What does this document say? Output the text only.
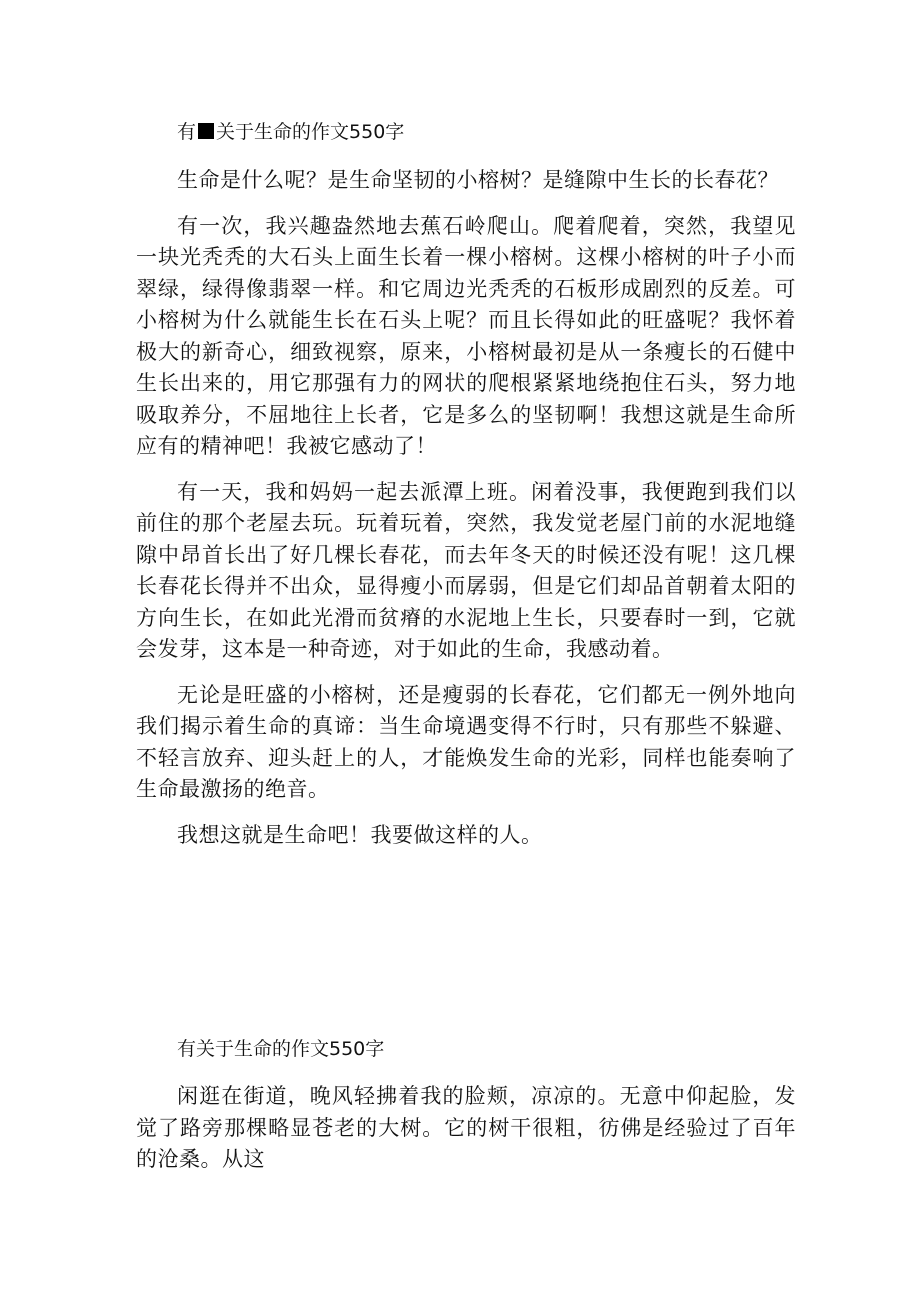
有 关于生命的作文550字

生命是什么呢？是生命坚韧的小榕树？是缝隙中生长的长春花？

有一次，我兴趣盎然地去蕉石岭爬山。爬着爬着，突然，我望见一块光秃秃的大石头上面生长着一棵小榕树。这棵小榕树的叶子小而翠绿，绿得像翡翠一样。和它周边光秃秃的石板形成剧烈的反差。可小榕树为什么就能生长在石头上呢？而且长得如此的旺盛呢？我怀着极大的新奇心，细致视察，原来，小榕树最初是从一条瘦长的石健中生长出来的，用它那强有力的网状的爬根紧紧地绕抱住石头，努力地吸取养分，不屈地往上长者，它是多么的坚韧啊！我想这就是生命所应有的精神吧！我被它感动了！

有一天，我和妈妈一起去派潭上班。闲着没事，我便跑到我们以前住的那个老屋去玩。玩着玩着，突然，我发觉老屋门前的水泥地缝隙中昂首长出了好几棵长春花，而去年冬天的时候还没有呢！这几棵长春花长得并不出众，显得瘦小而孱弱，但是它们却品首朝着太阳的方向生长，在如此光滑而贫瘠的水泥地上生长，只要春时一到，它就会发芽，这本是一种奇迹，对于如此的生命，我感动着。

无论是旺盛的小榕树，还是瘦弱的长春花，它们都无一例外地向我们揭示着生命的真谛：当生命境遇变得不行时，只有那些不躲避、不轻言放弃、迎头赶上的人，才能焕发生命的光彩，同样也能奏响了生命最激扬的绝音。

我想这就是生命吧！我要做这样的人。

有关于生命的作文550字

闲逛在街道，晚风轻拂着我的脸颊，凉凉的。无意中仰起脸，发觉了路旁那棵略显苍老的大树。它的树干很粗，彷佛是经验过了百年的沧桑。从这
